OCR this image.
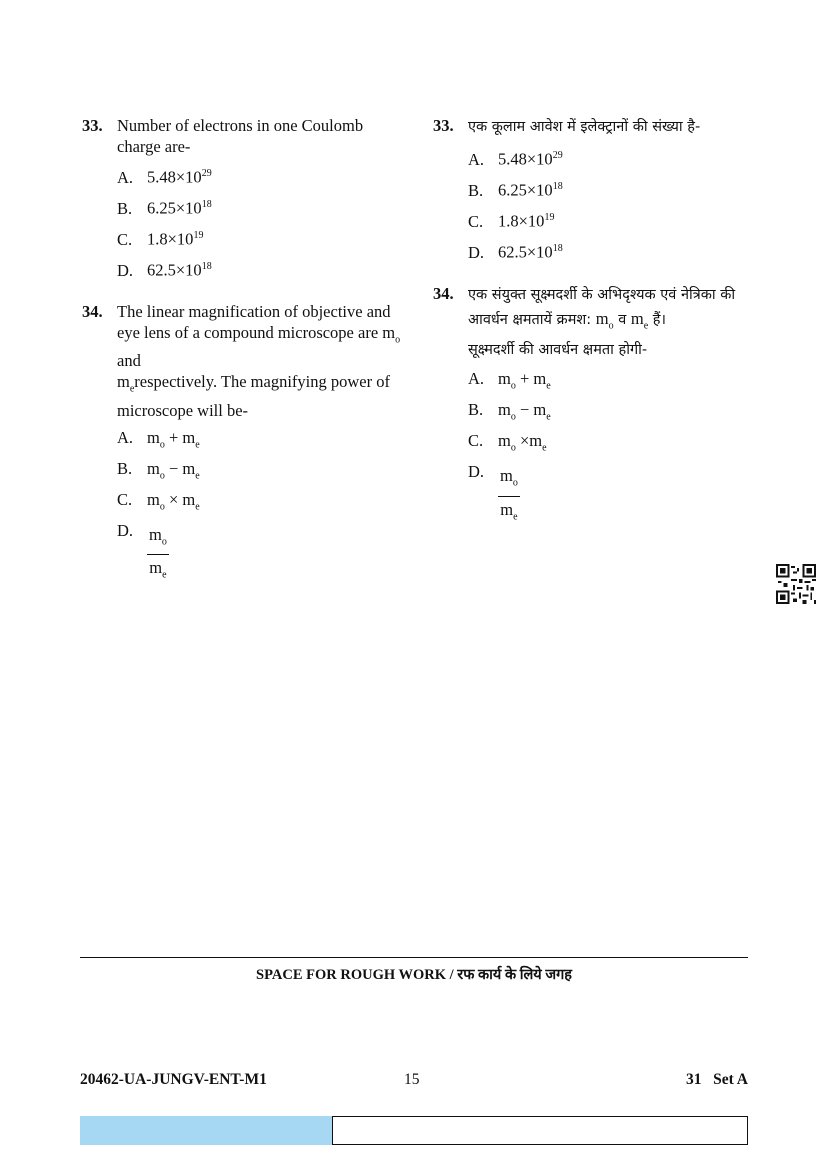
33. Number of electrons in one Coulomb charge are-
A. $5.48\times 10^{29}$
B. $6.25\times 10^{18}$
C. $1.8\times 10^{19}$
D. $62.5\times 10^{18}$
34. The linear magnification of objective and eye lens of a compound microscope are $m_o$ and
$m_erespectively$. The magnifying power of microscope will be-
A. $m_o + m_e$
B. $m_o - m_e$
C. $m_o \times m_e$
D. $\frac{m_o}{m_e}$
33. एक कूलाम आवेश में इलेक्ट्रानों की संख्या है-
A. $5.48\times 10^{29}$
B. $6.25\times 10^{18}$
C. $1.8\times 10^{19}$
D. $62.5\times 10^{18}$
34. एक संयुक्त सूक्ष्मदर्शी के अभिदृश्यक एवं नेत्रिका की आवर्धन क्षमतायें क्रमश: $m_o$ व $m_e$ हैं।
सूक्ष्मदर्शी की आवर्धन क्षमता होगी-
A. $m_o + m_e$
B. $m_o - m_e$
C. $m_o \times m_e$
D. $\frac{m_o}{m_e}$
SPACE FOR ROUGH WORK / रफ कार्य के लिये जगह
20462-UA-JUNGV-ENT-M1	15	31   Set A
